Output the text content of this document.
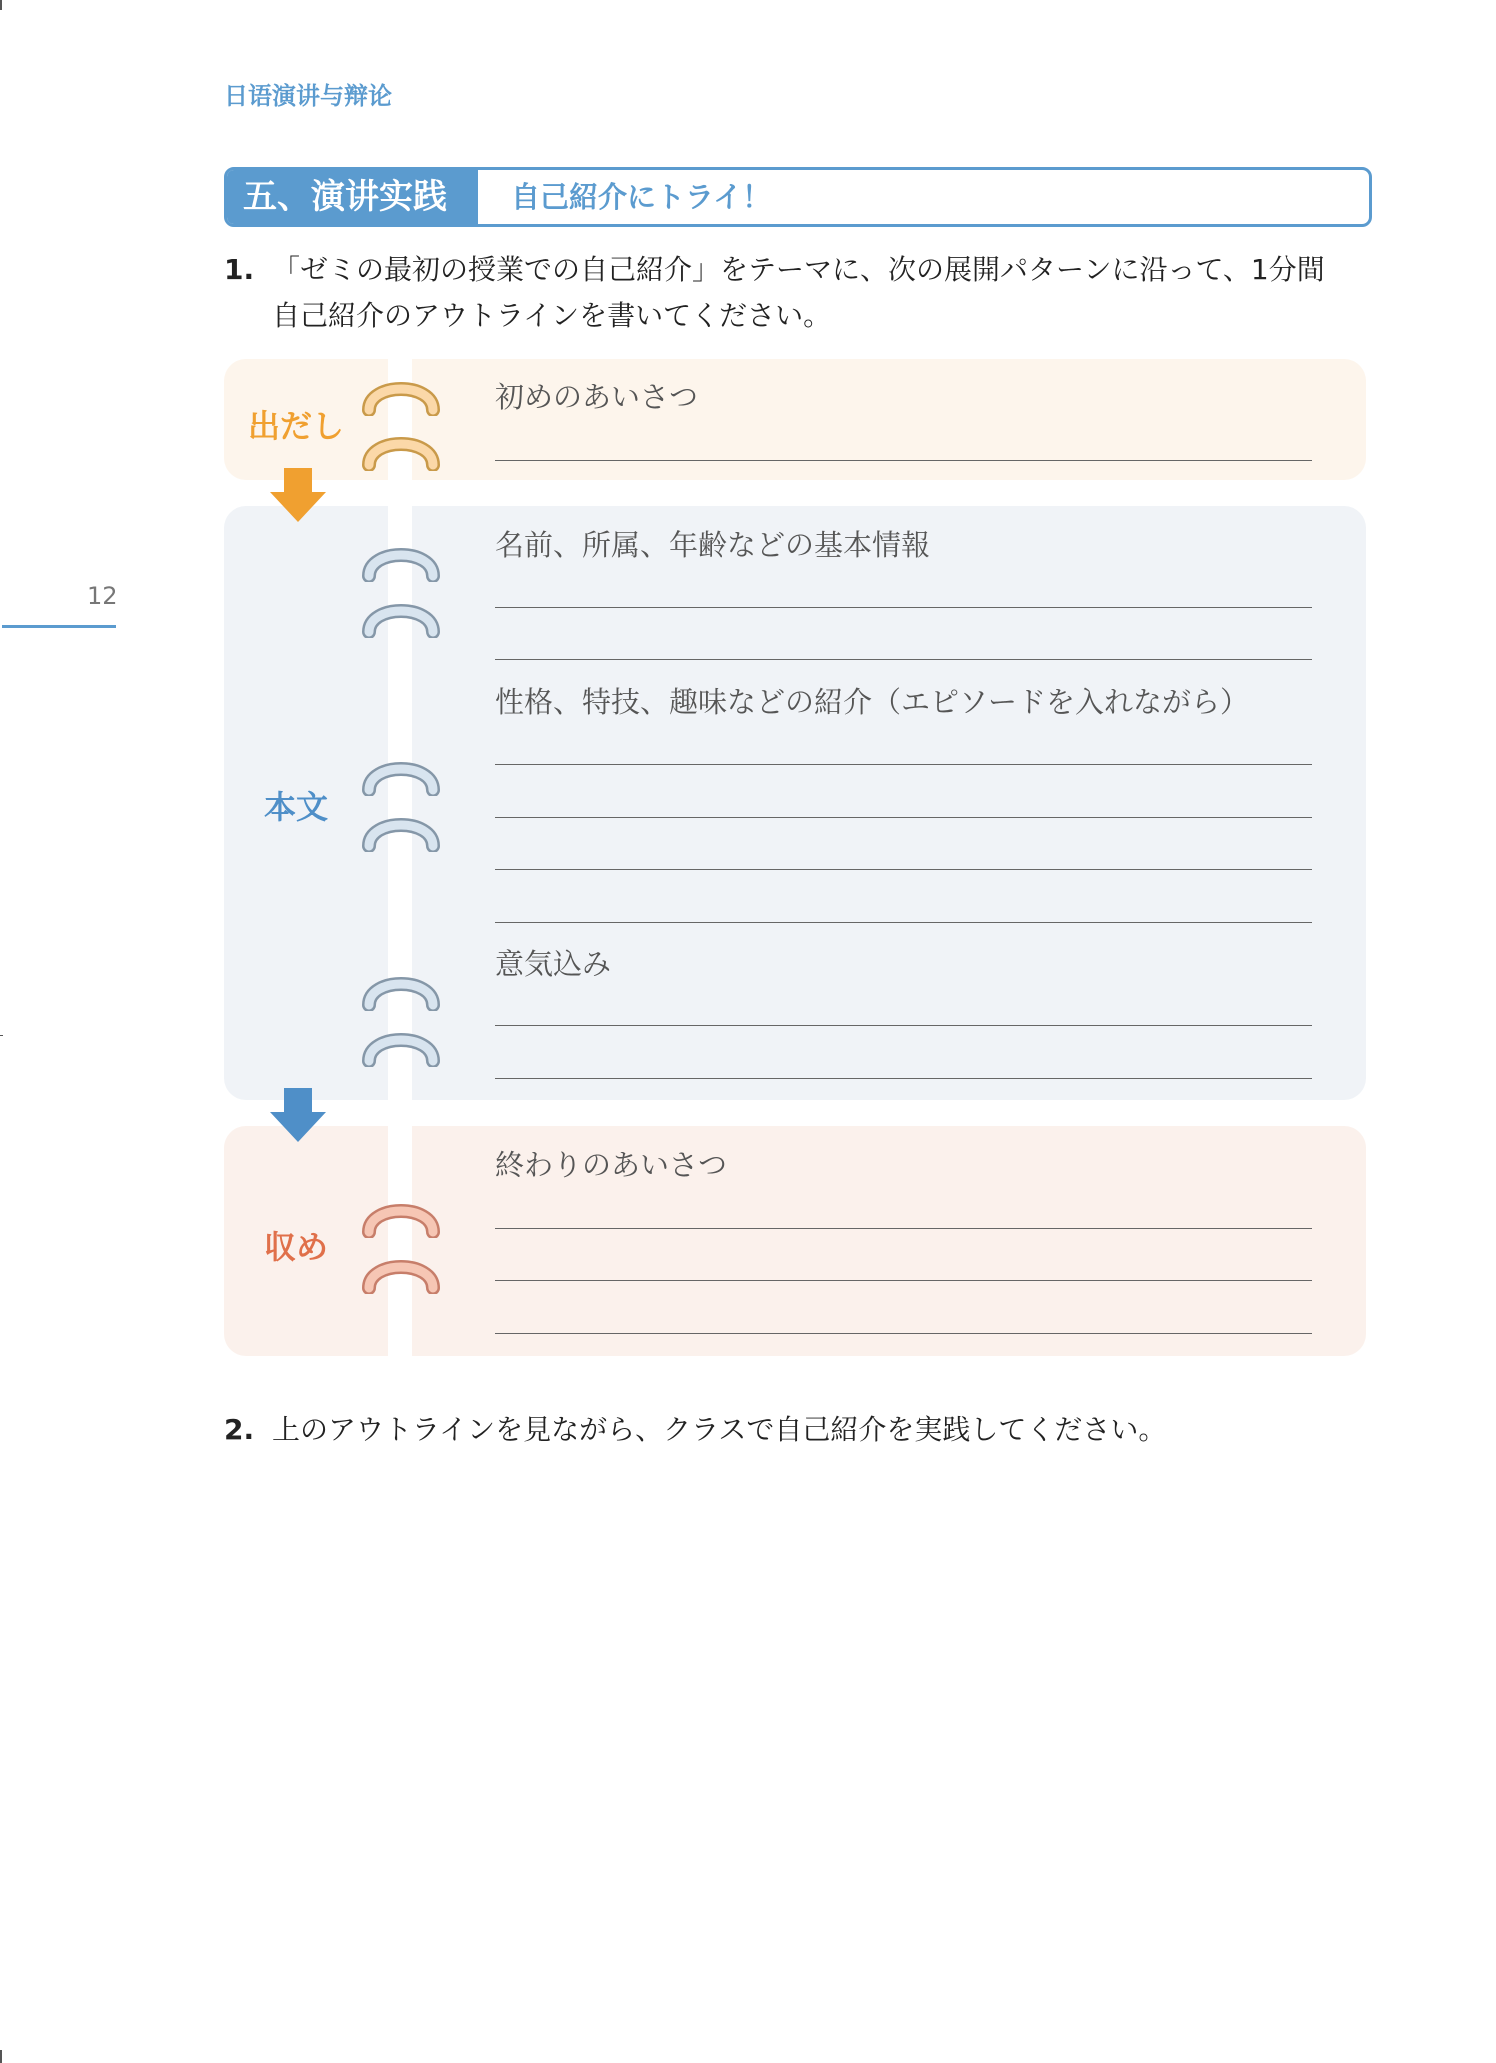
日语演讲与辩论
12
五、演讲实践	自己紹介にトライ！
1. 「ゼミの最初の授業での自己紹介」をテーマに、次の展開パターンに沿って、1分間
自己紹介のアウトラインを書いてください。
出だし
本文
収め
初めのあいさつ
名前、所属、年齢などの基本情報
性格、特技、趣味などの紹介（エピソードを入れながら）
意気込み
終わりのあいさつ
2. 上のアウトラインを見ながら、クラスで自己紹介を実践してください。
